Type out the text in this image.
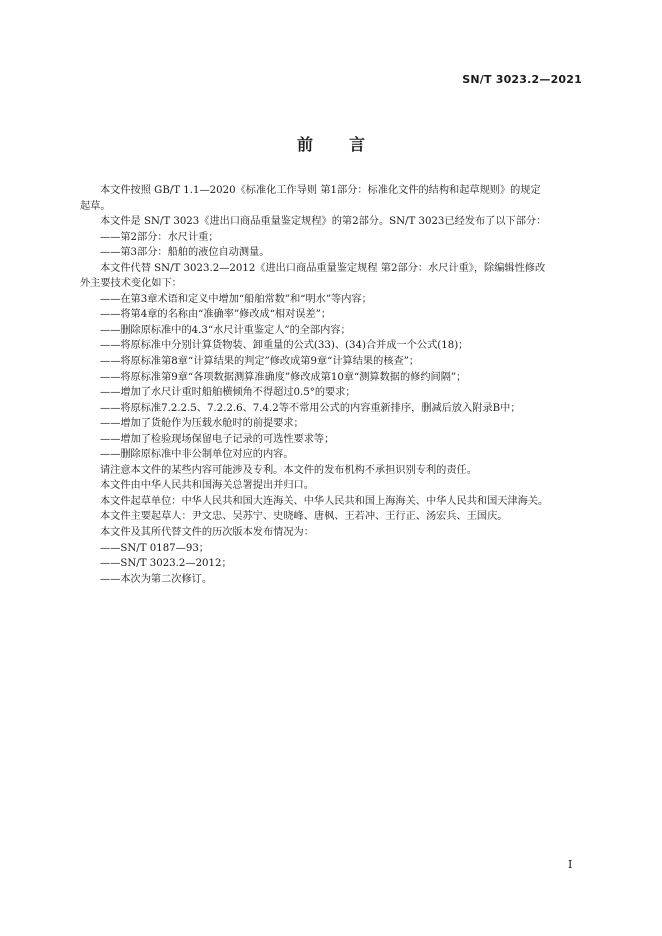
SN/T 3023.2—2021
前言
本文件按照 GB/T 1.1—2020《标准化工作导则 第1部分：标准化文件的结构和起草规则》的规定
起草。
本文件是 SN/T 3023《进出口商品重量鉴定规程》的第2部分。SN/T 3023已经发布了以下部分：
——第2部分：水尺计重；
——第3部分：船舶的液位自动测量。
本文件代替 SN/T 3023.2—2012《进出口商品重量鉴定规程 第2部分：水尺计重》，除编辑性修改
外主要技术变化如下：
——在第3章术语和定义中增加“船舶常数”和“明水”等内容；
——将第4章的名称由“准确率”修改成“相对误差”；
——删除原标准中的4.3“水尺计重鉴定人”的全部内容；
——将原标准中分别计算货物装、卸重量的公式(33)、(34)合并成一个公式(18)；
——将原标准第8章“计算结果的判定”修改成第9章“计算结果的核查”；
——将原标准第9章“各项数据测算准确度”修改成第10章“测算数据的修约间隔”；
——增加了水尺计重时船舶横倾角不得超过0.5°的要求；
——将原标准7.2.2.5、7.2.2.6、7.4.2等不常用公式的内容重新排序，删减后放入附录B中；
——增加了货舱作为压载水舱时的前提要求；
——增加了检验现场保留电子记录的可选性要求等；
——删除原标准中非公制单位对应的内容。
请注意本文件的某些内容可能涉及专利。本文件的发布机构不承担识别专利的责任。
本文件由中华人民共和国海关总署提出并归口。
本文件起草单位：中华人民共和国大连海关、中华人民共和国上海海关、中华人民共和国天津海关。
本文件主要起草人：尹文忠、吴苏宁、史晓峰、唐枫、王若冲、王行正、汤宏兵、王国庆。
本文件及其所代替文件的历次版本发布情况为：
——SN/T 0187—93；
——SN/T 3023.2—2012；
——本次为第二次修订。
Ⅰ
